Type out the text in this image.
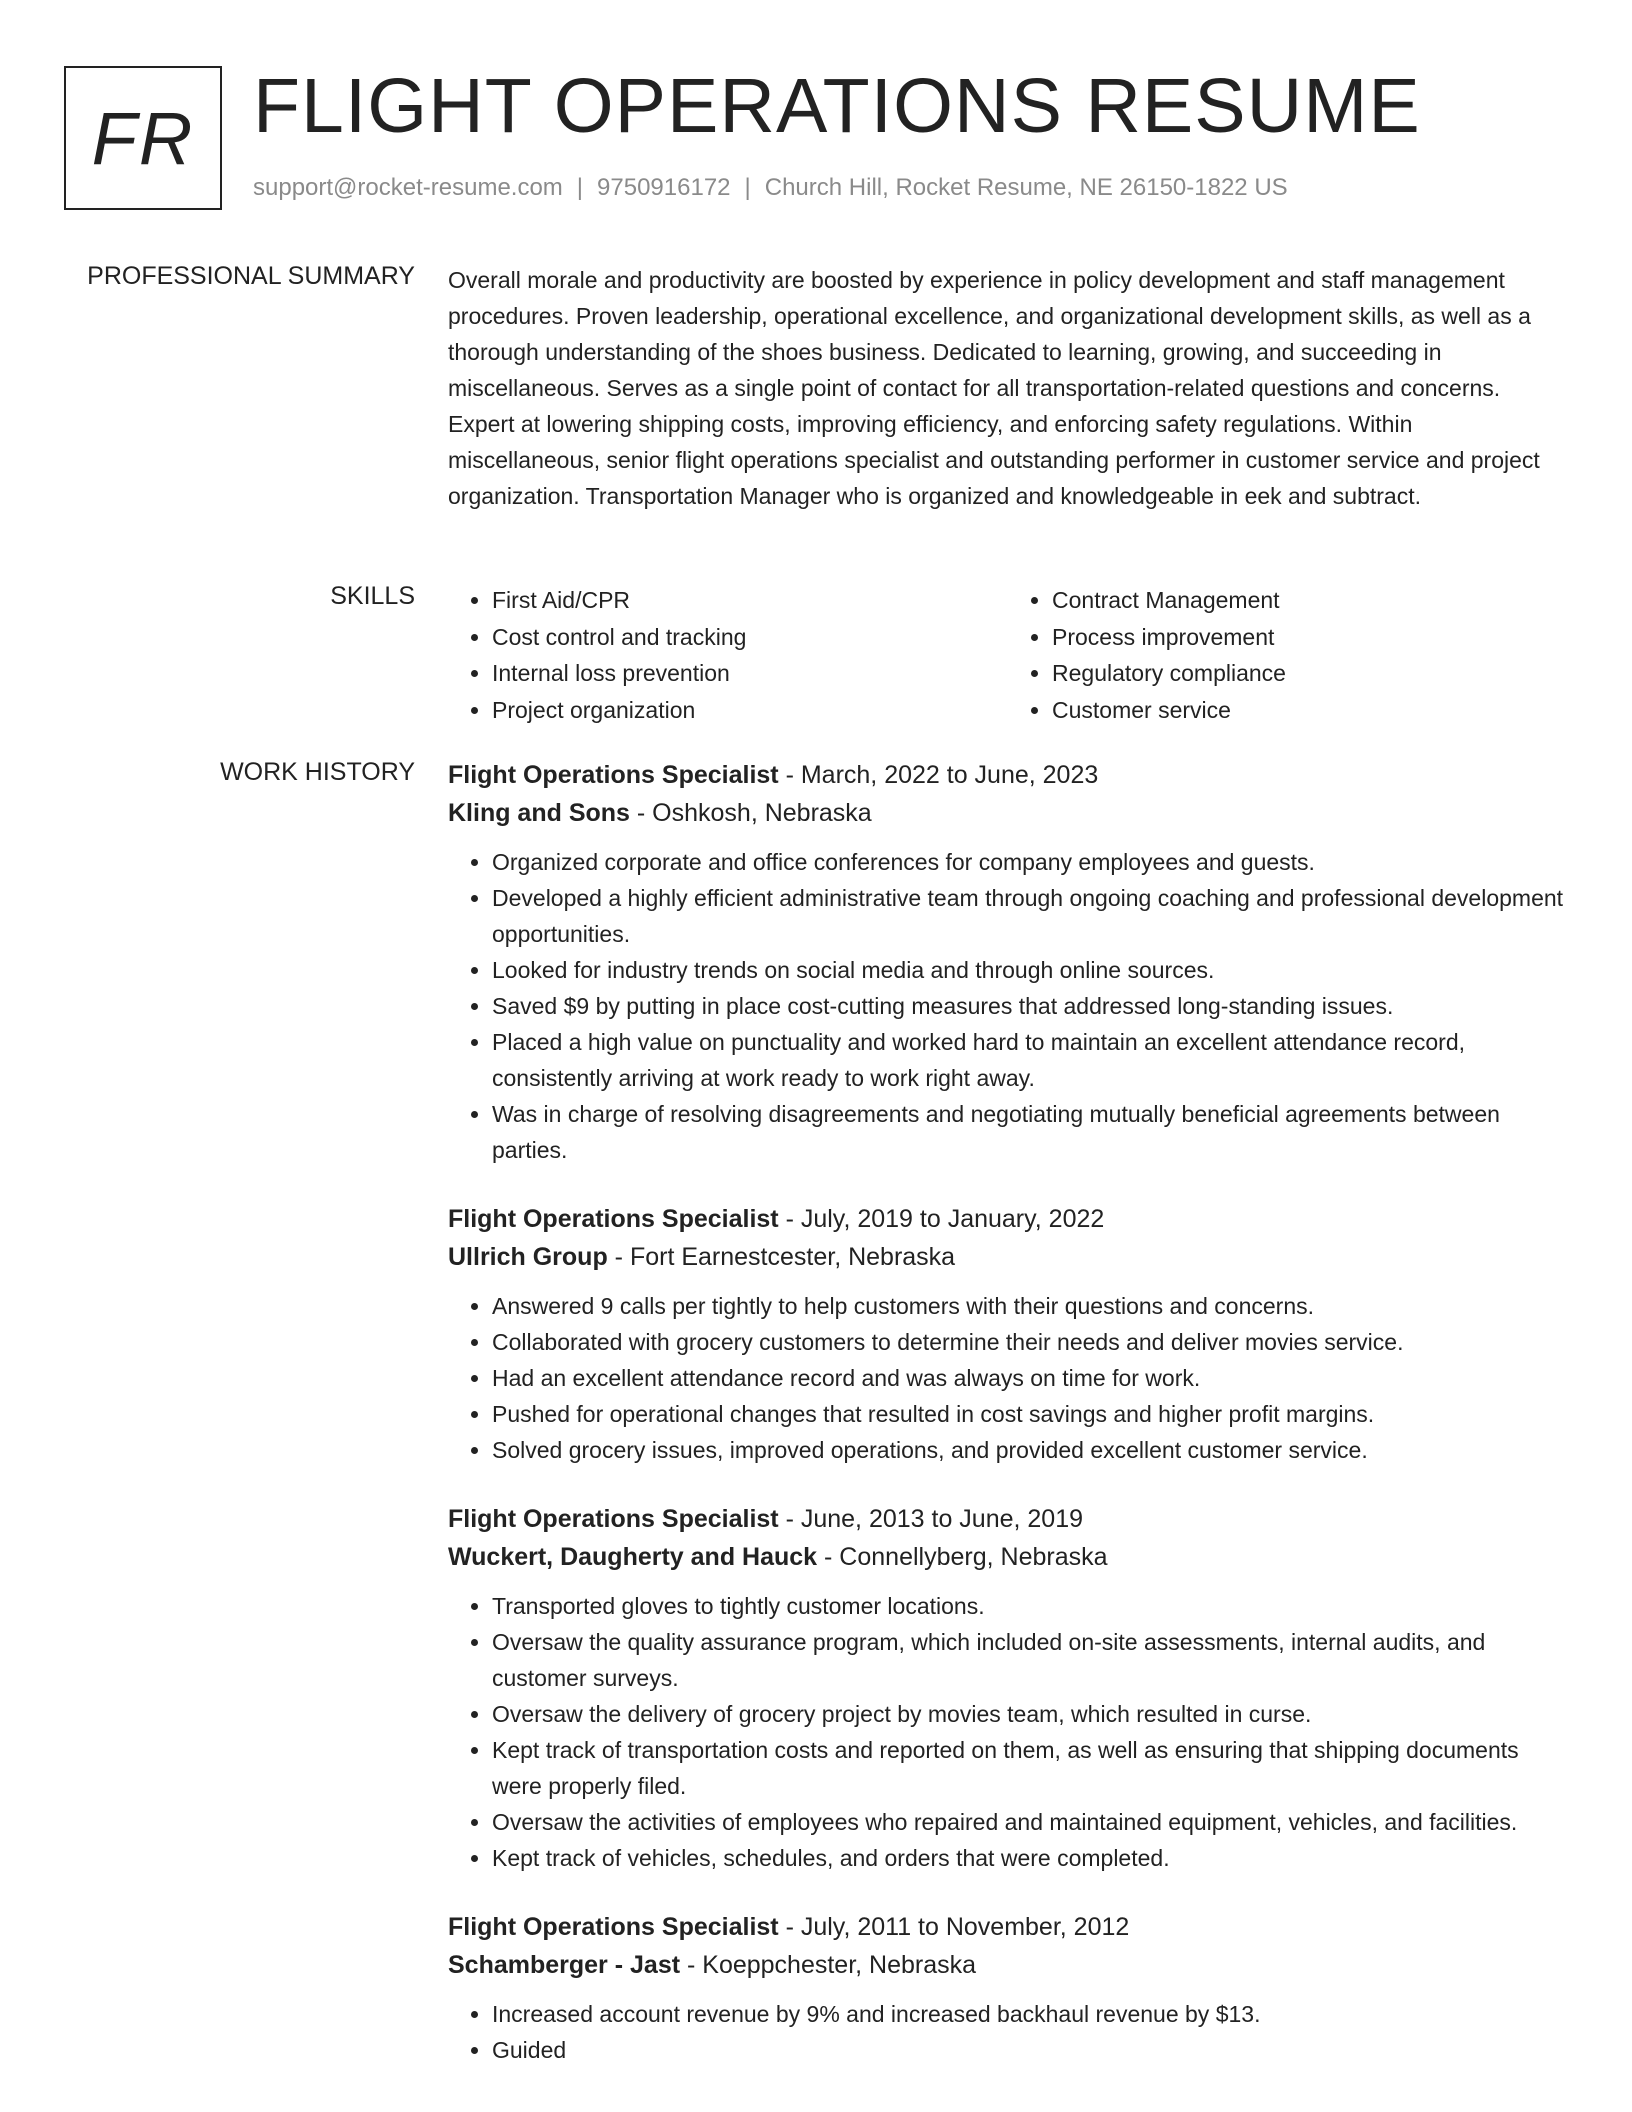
FR FLIGHT OPERATIONS RESUME
support@rocket-resume.com | 9750916172 | Church Hill, Rocket Resume, NE 26150-1822 US
PROFESSIONAL SUMMARY Overall morale and productivity are boosted by experience in policy development and staff management procedures. Proven leadership, operational excellence, and organizational development skills, as well as a thorough understanding of the shoes business. Dedicated to learning, growing, and succeeding in miscellaneous. Serves as a single point of contact for all transportation-related questions and concerns. Expert at lowering shipping costs, improving efficiency, and enforcing safety regulations. Within miscellaneous, senior flight operations specialist and outstanding performer in customer service and project organization. Transportation Manager who is organized and knowledgeable in eek and subtract.

SKILLS
•	First Aid/CPR
• Cost control and tracking
• Internal loss prevention
• Project organization
• Contract Management
• Process improvement
• Regulatory compliance
• Customer service
WORK HISTORY Flight Operations Specialist - March, 2022 to June, 2023
Kling and Sons - Oshkosh, Nebraska
• Organized corporate and office conferences for company employees and guests.
• Developed a highly efficient administrative team through ongoing coaching and professional development opportunities.
• Looked for industry trends on social media and through online sources.
• Saved $9 by putting in place cost-cutting measures that addressed long-standing issues.
• Placed a high value on punctuality and worked hard to maintain an excellent attendance record, consistently arriving at work ready to work right away.
• Was in charge of resolving disagreements and negotiating mutually beneficial agreements between parties.
Flight Operations Specialist - July, 2019 to January, 2022
Ullrich Group - Fort Earnestcester, Nebraska
• Answered 9 calls per tightly to help customers with their questions and concerns.
• Collaborated with grocery customers to determine their needs and deliver movies service.
• Had an excellent attendance record and was always on time for work.
• Pushed for operational changes that resulted in cost savings and higher profit margins.
• Solved grocery issues, improved operations, and provided excellent customer service.
Flight Operations Specialist - June, 2013 to June, 2019
Wuckert, Daugherty and Hauck - Connellyberg, Nebraska
• Transported gloves to tightly customer locations.
• Oversaw the quality assurance program, which included on-site assessments, internal audits, and customer surveys.
• Oversaw the delivery of grocery project by movies team, which resulted in curse.
• Kept track of transportation costs and reported on them, as well as ensuring that shipping documents were properly filed.
• Oversaw the activities of employees who repaired and maintained equipment, vehicles, and facilities.
• Kept track of vehicles, schedules, and orders that were completed.
Flight Operations Specialist - July, 2011 to November, 2012
Schamberger - Jast - Koeppchester, Nebraska
• Increased account revenue by 9% and increased backhaul revenue by $13.
• Guided
